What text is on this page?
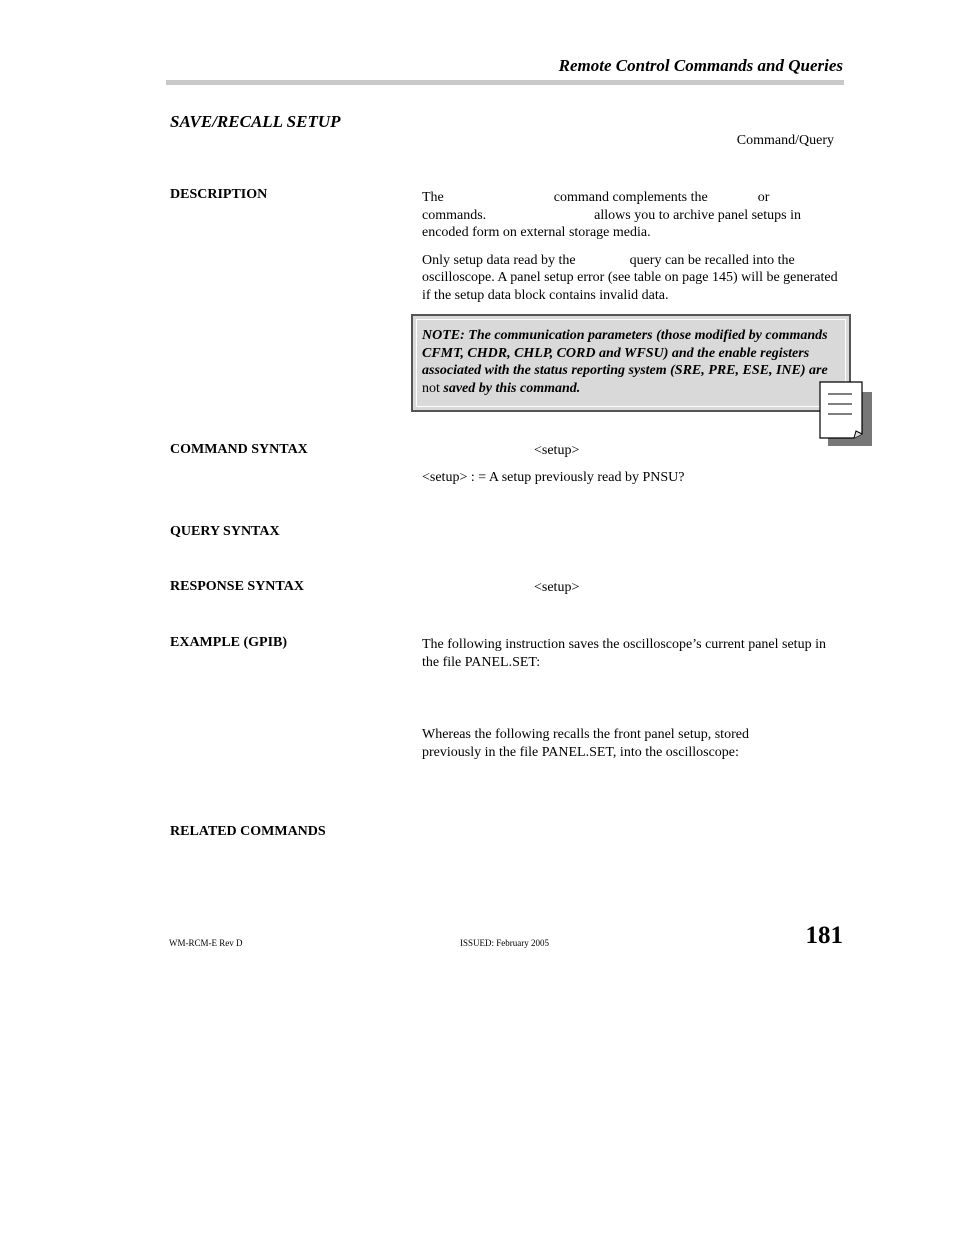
Remote Control Commands and Queries
SAVE/RECALL SETUP
Command/Query
DESCRIPTION	The	command complements the	orcommands.	allows you to archive panel setups in encoded form on external storage media.

Only setup data read by the	query can be recalled into the oscilloscope. A panel setup error (see table on page 145) will be generated if the setup data block contains invalid data.

NOTE: The communication parameters (those modified by commands CFMT, CHDR, CHLP, CORD and WFSU) and the enable registers associated with the status reporting system (SRE, PRE, ESE, INE) are not saved by this command.
COMMAND SYNTAX	<setup>
<setup> : = A setup previously read by PNSU?
QUERY SYNTAX
RESPONSE SYNTAX	<setup>
EXAMPLE (GPIB)	The following instruction saves the oscilloscope’s current panel setup in the file PANEL.SET:

Whereas the following recalls the front panel setup, stored previously in the file PANEL.SET, into the oscilloscope:

RELATED COMMANDS
WM-RCM-E Rev D	ISSUED: February 2005	181
